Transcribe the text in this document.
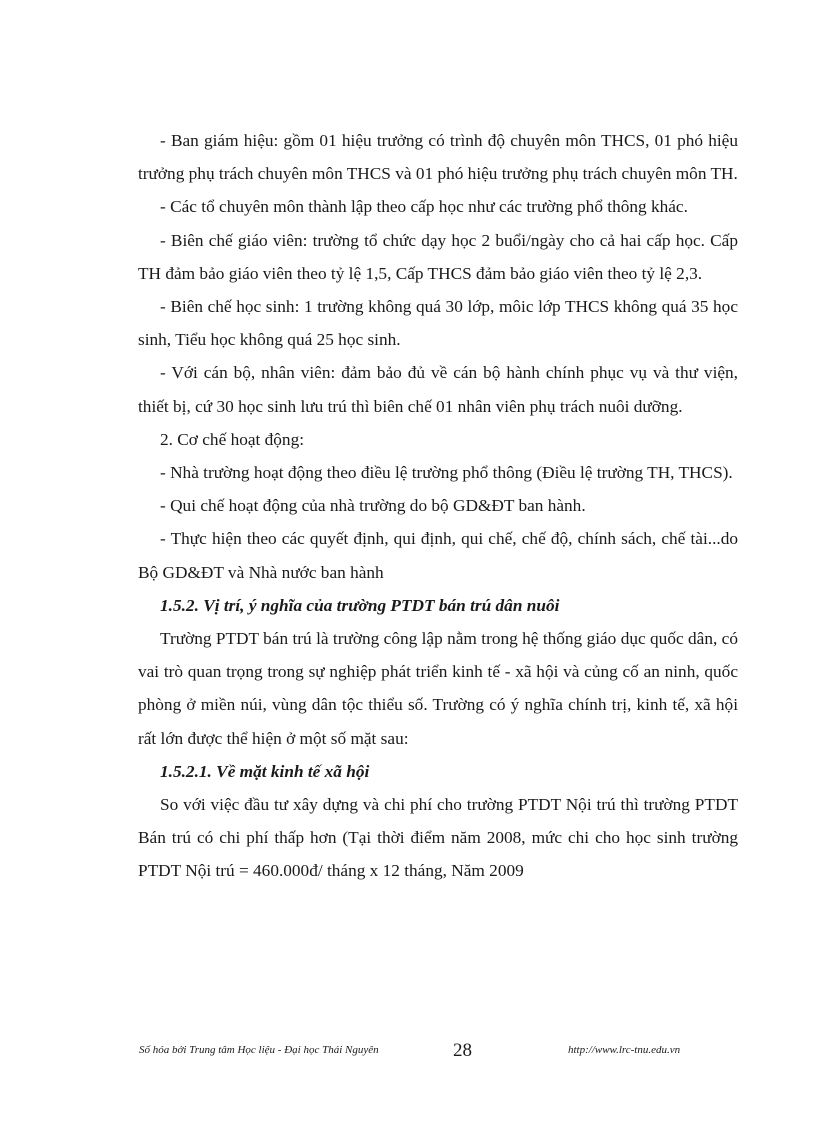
- Ban giám hiệu: gồm 01 hiệu trưởng có trình độ chuyên môn THCS, 01 phó hiệu trưởng phụ trách chuyên môn THCS và 01 phó hiệu trưởng phụ trách chuyên môn TH.

- Các tổ chuyên môn thành lập theo cấp học như các trường phổ thông khác.

- Biên chế giáo viên: trường tổ chức dạy học 2 buổi/ngày cho cả hai cấp học. Cấp TH đảm bảo giáo viên theo tỷ lệ 1,5, Cấp THCS đảm bảo giáo viên theo tỷ lệ 2,3.

- Biên chế học sinh: 1 trường không quá 30 lớp, môic lớp THCS không quá 35 học sinh, Tiểu học không quá 25 học sinh.

- Với cán bộ, nhân viên: đảm bảo đủ về cán bộ hành chính phục vụ và thư viện, thiết bị, cứ 30 học sinh lưu trú thì biên chế 01 nhân viên phụ trách nuôi dưỡng.

2. Cơ chế hoạt động:

- Nhà trường hoạt động theo điều lệ trường phổ thông (Điều lệ trường TH, THCS).

- Qui chế hoạt động của nhà trường do bộ GD&ĐT ban hành.

- Thực hiện theo các quyết định, qui định, qui chế, chế độ, chính sách, chế tài...do Bộ GD&ĐT và Nhà nước ban hành

1.5.2. Vị trí, ý nghĩa của trường PTDT bán trú dân nuôi

Trường PTDT bán trú là trường công lập nằm trong hệ thống giáo dục quốc dân, có vai trò quan trọng trong sự nghiệp phát triển kinh tế - xã hội và củng cố an ninh, quốc phòng ở miền núi, vùng dân tộc thiểu số. Trường có ý nghĩa chính trị, kinh tế, xã hội rất lớn được thể hiện ở một số mặt sau:

1.5.2.1. Về mặt kinh tế xã hội

So với việc đầu tư xây dựng và chi phí cho trường PTDT Nội trú thì trường PTDT Bán trú có chi phí thấp hơn (Tại thời điểm năm 2008, mức chi cho học sinh trường PTDT Nội trú = 460.000đ/ tháng x 12 tháng, Năm 2009

Số hóa bởi Trung tâm Học liệu - Đại học Thái Nguyên	28	http://www.lrc-tnu.edu.vn
